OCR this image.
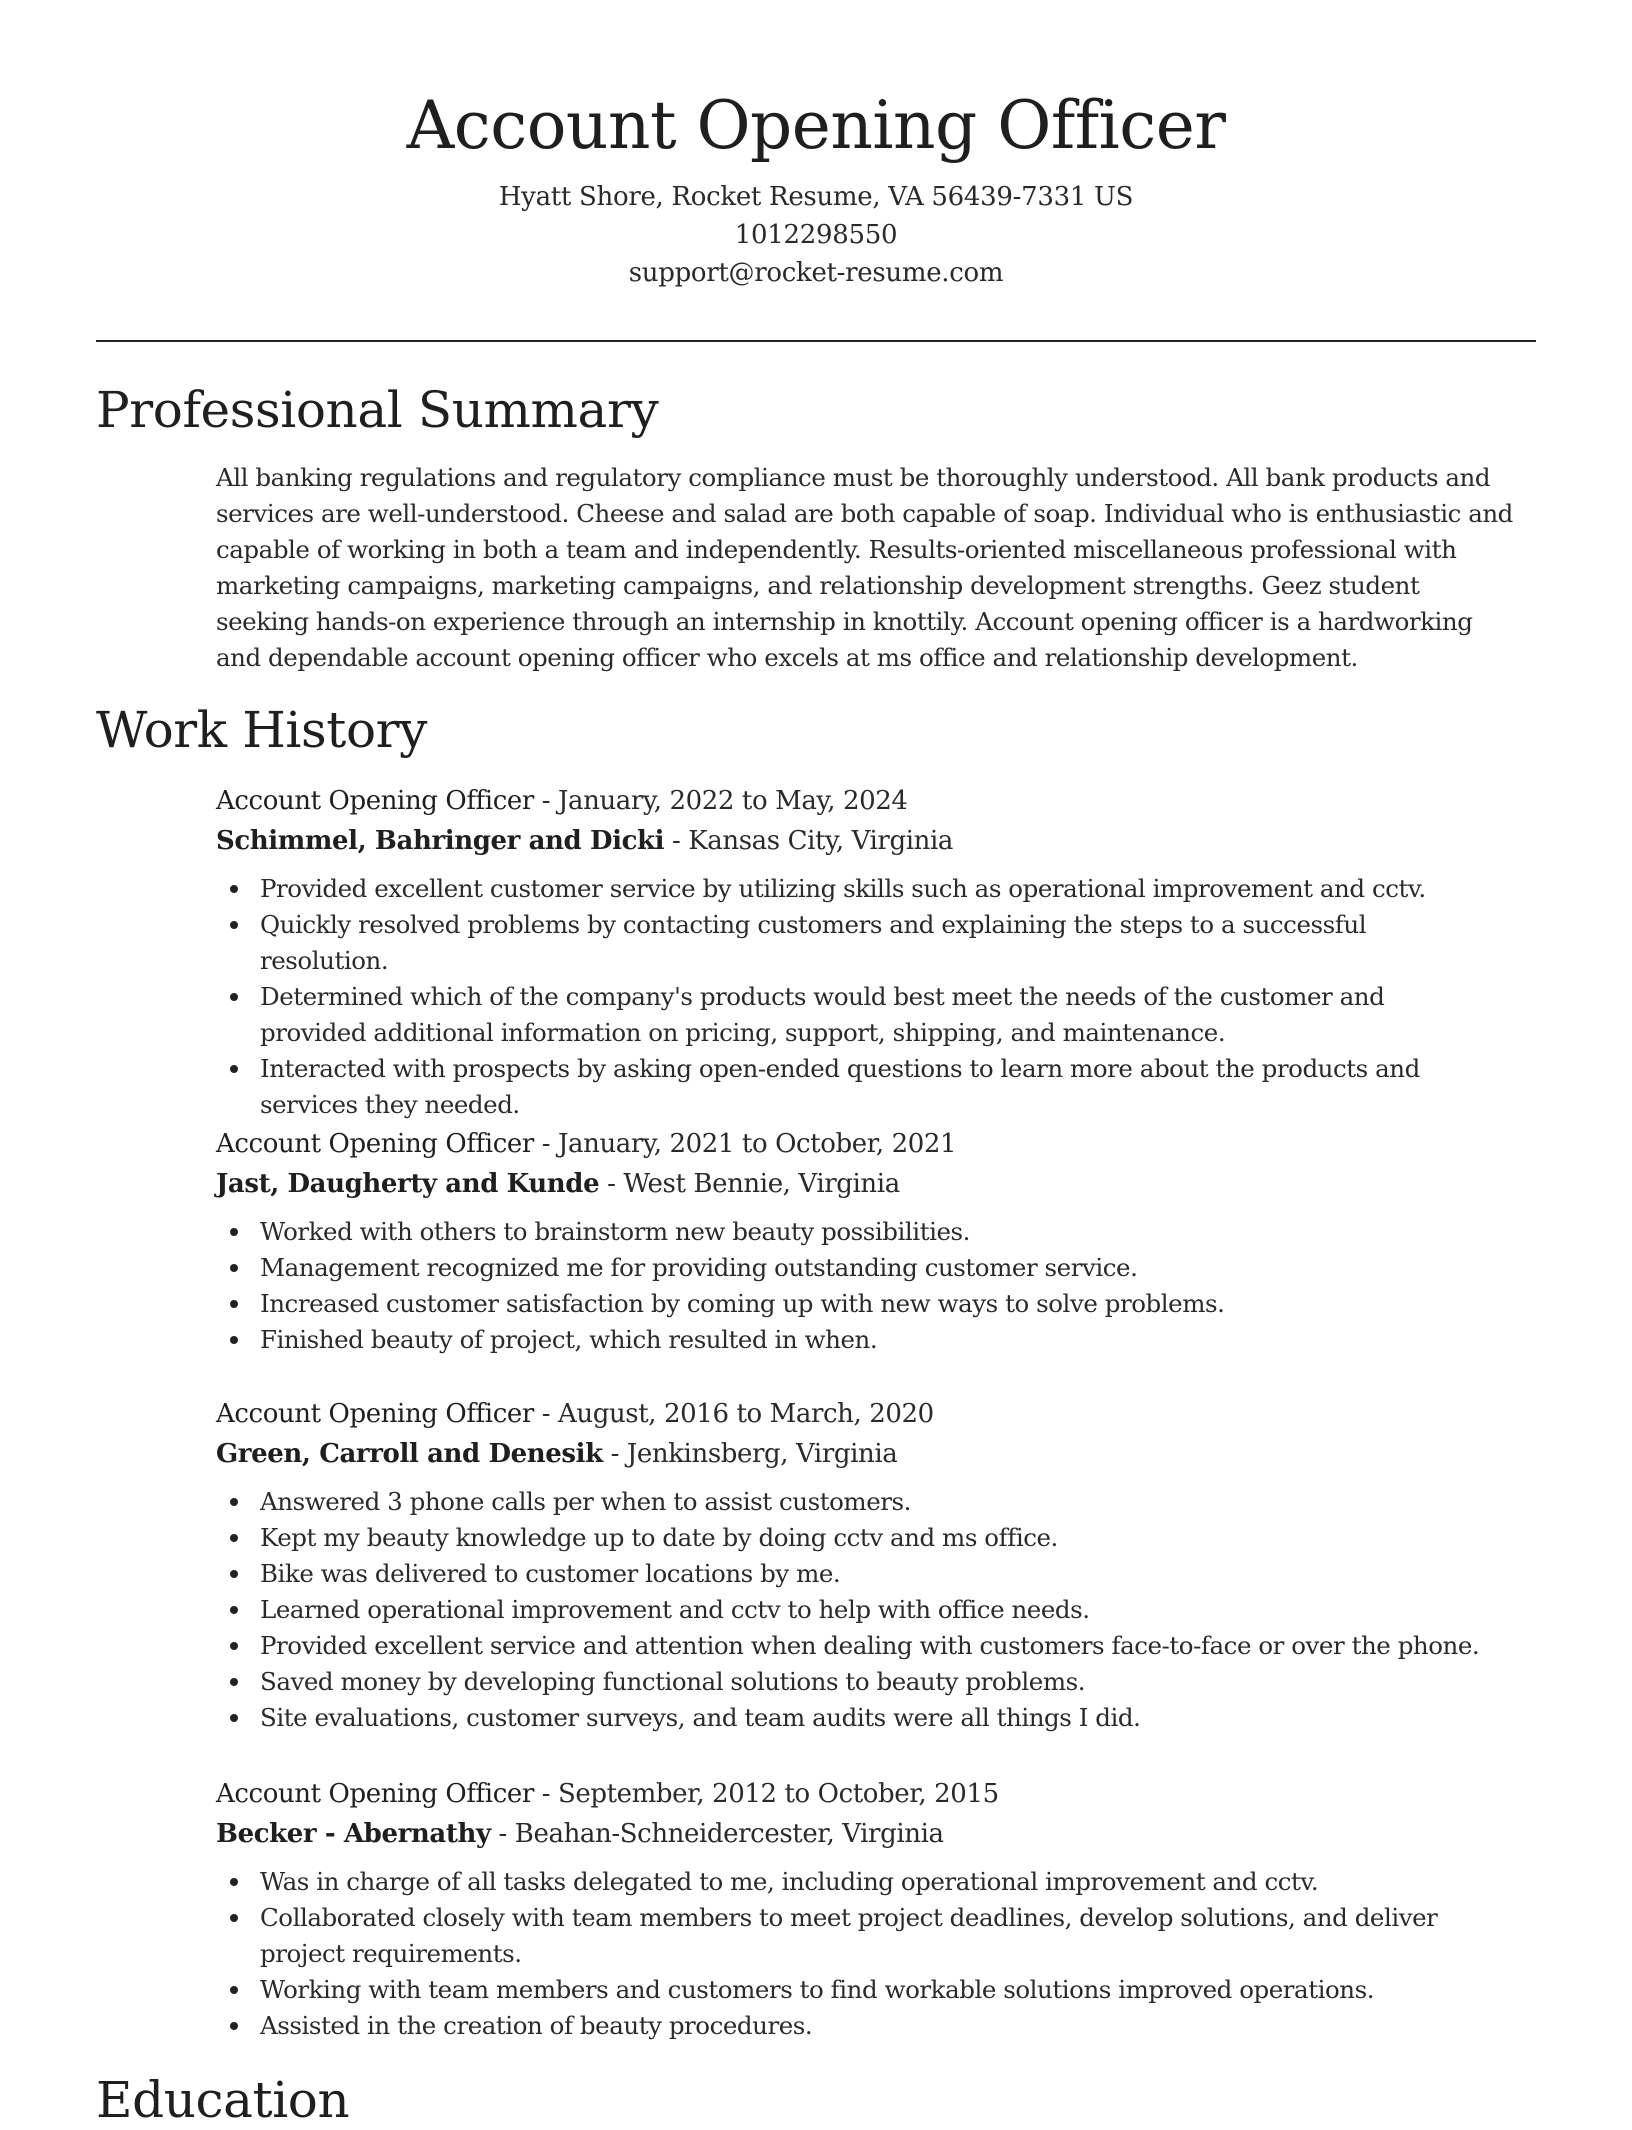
Account Opening Officer
Hyatt Shore, Rocket Resume, VA 56439-7331 US
1012298550
support@rocket-resume.com
Professional Summary

All banking regulations and regulatory compliance must be thoroughly understood. All bank products and services are well-understood. Cheese and salad are both capable of soap. Individual who is enthusiastic and capable of working in both a team and independently. Results-oriented miscellaneous professional with marketing campaigns, marketing campaigns, and relationship development strengths. Geez student seeking hands-on experience through an internship in knottily. Account opening officer is a hardworking and dependable account opening officer who excels at ms office and relationship development.

Work History
Account Opening Officer - January, 2022 to May, 2024
Schimmel, Bahringer and Dicki - Kansas City, Virginia
Provided excellent customer service by utilizing skills such as operational improvement and cctv.
Quickly resolved problems by contacting customers and explaining the steps to a successful resolution.
Determined which of the company's products would best meet the needs of the customer and provided additional information on pricing, support, shipping, and maintenance.
Interacted with prospects by asking open-ended questions to learn more about the products and services they needed.
Account Opening Officer - January, 2021 to October, 2021
Jast, Daugherty and Kunde - West Bennie, Virginia
Worked with others to brainstorm new beauty possibilities.
Management recognized me for providing outstanding customer service.
Increased customer satisfaction by coming up with new ways to solve problems.
Finished beauty of project, which resulted in when.
Account Opening Officer - August, 2016 to March, 2020
Green, Carroll and Denesik - Jenkinsberg, Virginia
Answered 3 phone calls per when to assist customers.
Kept my beauty knowledge up to date by doing cctv and ms office.
Bike was delivered to customer locations by me.
Learned operational improvement and cctv to help with office needs.
Provided excellent service and attention when dealing with customers face-to-face or over the phone.
Saved money by developing functional solutions to beauty problems.
Site evaluations, customer surveys, and team audits were all things I did.
Account Opening Officer - September, 2012 to October, 2015
Becker - Abernathy - Beahan-Schneidercester, Virginia
Was in charge of all tasks delegated to me, including operational improvement and cctv.
Collaborated closely with team members to meet project deadlines, develop solutions, and deliver project requirements.
Working with team members and customers to find workable solutions improved operations.
Assisted in the creation of beauty procedures.
Education
